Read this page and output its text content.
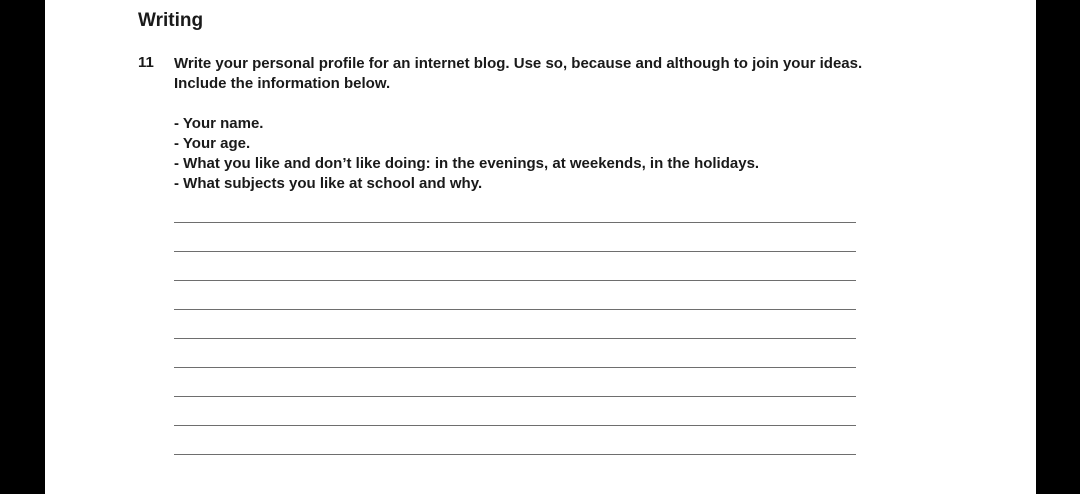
Writing
11 Write your personal profile for an internet blog. Use so, because and although to join your ideas.
Include the information below.
- Your name.
- Your age.
- What you like and don’t like doing: in the evenings, at weekends, in the holidays.
- What subjects you like at school and why.
